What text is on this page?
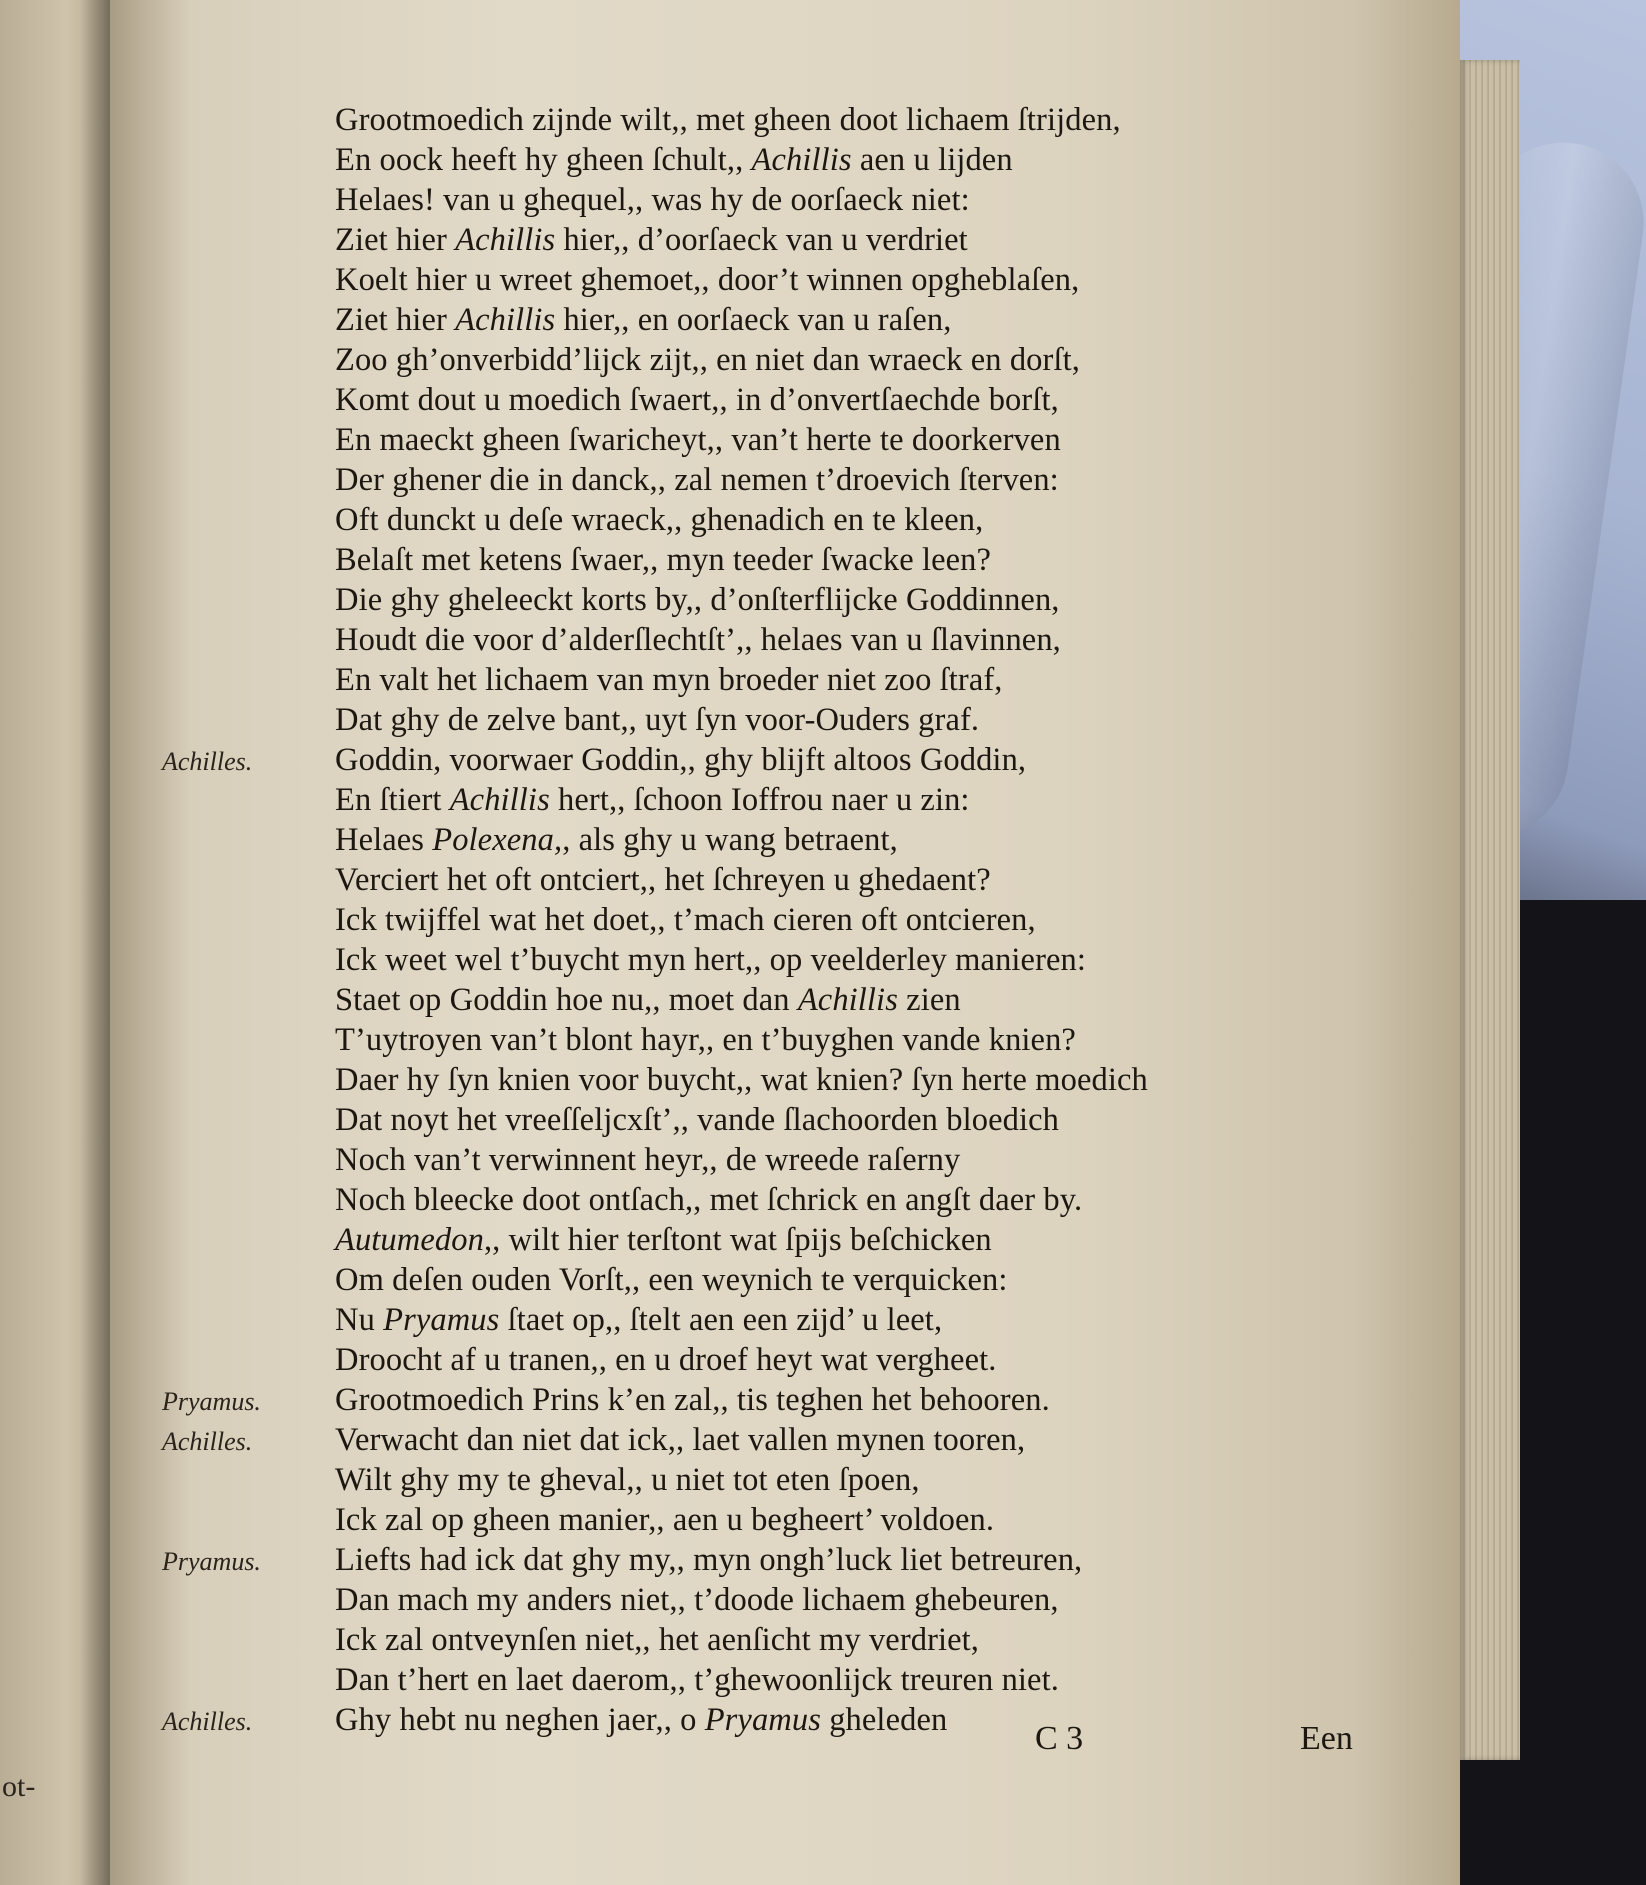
ot-
Grootmoedich zijnde wilt,, met gheen doot lichaem ſtrijden,
En oock heeft hy gheen ſchult,, Achillis aen u lijden
Helaes! van u ghequel,, was hy de oorſaeck niet:
Ziet hier Achillis hier,, d’oorſaeck van u verdriet
Koelt hier u wreet ghemoet,, door’t winnen opgheblaſen,
Ziet hier Achillis hier,, en oorſaeck van u raſen,
Zoo gh’onverbidd’lijck zijt,, en niet dan wraeck en dorſt,
Komt dout u moedich ſwaert,, in d’onvertſaechde borſt,
En maeckt gheen ſwaricheyt,, van’t herte te doorkerven
Der ghener die in danck,, zal nemen t’droevich ſterven:
Oft dunckt u deſe wraeck,, ghenadich en te kleen,
Belaſt met ketens ſwaer,, myn teeder ſwacke leen?
Die ghy gheleeckt korts by,, d’onſterflijcke Goddinnen,
Houdt die voor d’alderſlechtſt’,, helaes van u ſlavinnen,
En valt het lichaem van myn broeder niet zoo ſtraf,
Dat ghy de zelve bant,, uyt ſyn voor-Ouders graf.
Achilles.	Goddin, voorwaer Goddin,, ghy blijft altoos Goddin,
En ſtiert Achillis hert,, ſchoon Ioffrou naer u zin:
Helaes Polexena,, als ghy u wang betraent,
Verciert het oft ontciert,, het ſchreyen u ghedaent?
Ick twijffel wat het doet,, t’mach cieren oft ontcieren,
Ick weet wel t’buycht myn hert,, op veelderley manieren:
Staet op Goddin hoe nu,, moet dan Achillis zien
T’uytroyen van’t blont hayr,, en t’buyghen vande knien?
Daer hy ſyn knien voor buycht,, wat knien? ſyn herte moedich
Dat noyt het vreeſſeljcxſt’,, vande ſlachoorden bloedich
Noch van’t verwinnent heyr,, de wreede raſerny
Noch bleecke doot ontſach,, met ſchrick en angſt daer by.
Autumedon,, wilt hier terſtont wat ſpijs beſchicken
Om deſen ouden Vorſt,, een weynich te verquicken:
Nu Pryamus ſtaet op,, ſtelt aen een zijd’ u leet,
Droocht af u tranen,, en u droef heyt wat vergheet.
Pryamus.	Grootmoedich Prins k’en zal,, tis teghen het behooren.
Achilles.	Verwacht dan niet dat ick,, laet vallen mynen tooren,
Wilt ghy my te gheval,, u niet tot eten ſpoen,
Ick zal op gheen manier,, aen u begheert’ voldoen.
Pryamus.	Liefts had ick dat ghy my,, myn ongh’luck liet betreuren,
Dan mach my anders niet,, t’doode lichaem ghebeuren,
Ick zal ontveynſen niet,, het aenſicht my verdriet,
Dan t’hert en laet daerom,, t’ghewoonlijck treuren niet.
Achilles.	Ghy hebt nu neghen jaer,, o Pryamus gheleden	C 3	Een
